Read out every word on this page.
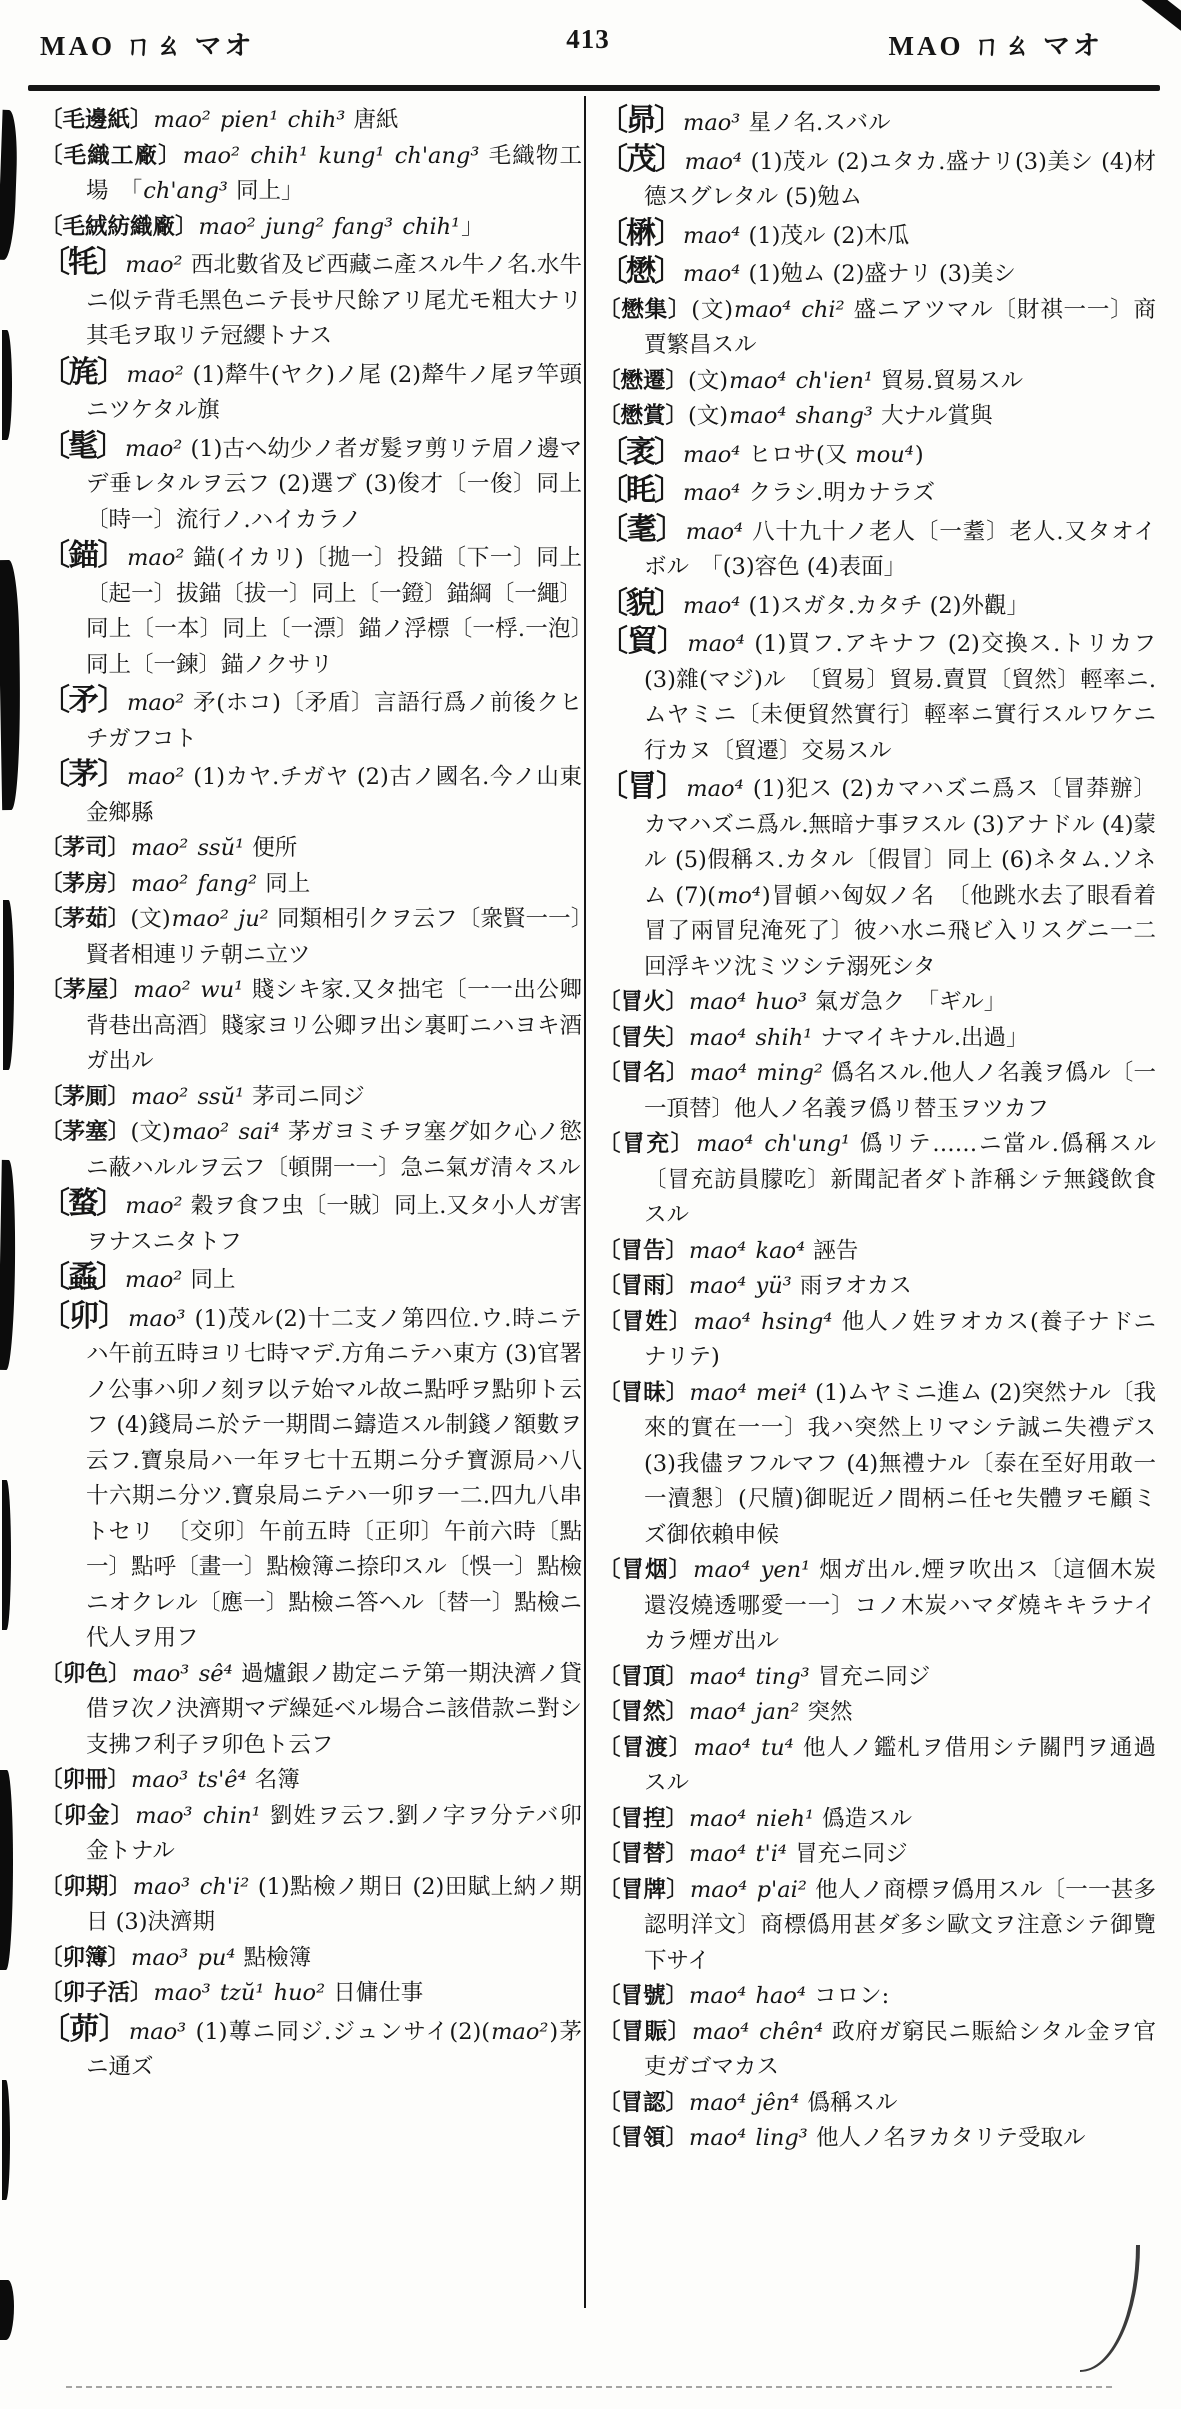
MAO ㄇㄠ マオ	413	MAO ㄇㄠ マオ
〔毛邊紙〕mao² pien¹ chih³ 唐紙
〔毛織工廠〕mao² chih¹ kung¹ ch'ang³ 毛織物工場　「ch'ang³ 同上」
〔毛絨紡織廠〕mao² jung² fang³ chih¹」
〔牦〕mao² 西北數省及ビ西藏ニ產スル牛ノ名.水牛ニ似テ背毛黑色ニテ長サ尺餘アリ尾尤モ粗大ナリ其毛ヲ取リテ冠纓トナス
〔旄〕mao² (1)犛牛(ヤク)ノ尾 (2)犛牛ノ尾ヲ竿頭ニツケタル旗
〔髦〕mao² (1)古ヘ幼少ノ者ガ髮ヲ剪リテ眉ノ邊マデ垂レタルヲ云フ (2)選ブ (3)俊才〔一俊〕同上〔時一〕流行ノ.ハイカラノ
〔錨〕mao² 錨(イカリ)〔拋一〕投錨〔下一〕同上〔起一〕拔錨〔拔一〕同上〔一鐙〕錨綱〔一繩〕同上〔一本〕同上〔一漂〕錨ノ浮標〔一桴.一泡〕同上〔一鍊〕錨ノクサリ
〔矛〕mao² 矛(ホコ)〔矛盾〕言語行爲ノ前後クヒチガフコト
〔茅〕mao² (1)カヤ.チガヤ (2)古ノ國名.今ノ山東金鄉縣
〔茅司〕mao² ssŭ¹ 便所
〔茅房〕mao² fang² 同上
〔茅茹〕(文)mao² ju² 同類相引クヲ云フ〔衆賢一一〕賢者相連リテ朝ニ立ツ
〔茅屋〕mao² wu¹ 賤シキ家.又タ拙宅〔一一出公卿背巷出高酒〕賤家ヨリ公卿ヲ出シ裏町ニハヨキ酒ガ出ル
〔茅厠〕mao² ssŭ¹ 茅司ニ同ジ
〔茅塞〕(文)mao² sai⁴ 茅ガヨミチヲ塞グ如ク心ノ慾ニ蔽ハルルヲ云フ〔頓開一一〕急ニ氣ガ清々スル
〔蝥〕mao² 穀ヲ食フ虫〔一賊〕同上.又タ小人ガ害ヲナスニタトフ
〔蟊〕mao² 同上
〔卯〕mao³ (1)茂ル(2)十二支ノ第四位.ウ.時ニテハ午前五時ヨリ七時マデ.方角ニテハ東方 (3)官署ノ公事ハ卯ノ刻ヲ以テ始マル故ニ點呼ヲ點卯ト云フ (4)錢局ニ於テ一期間ニ鑄造スル制錢ノ額數ヲ云フ.寶泉局ハ一年ヲ七十五期ニ分チ寶源局ハ八十六期ニ分ツ.寶泉局ニテハ一卯ヲ一二.四九八串トセリ　〔交卯〕午前五時〔正卯〕午前六時〔點一〕點呼〔畫一〕點檢簿ニ捺印スル〔悞一〕點檢ニオクレル〔應一〕點檢ニ答ヘル〔替一〕點檢ニ代人ヲ用フ
〔卯色〕mao³ sê⁴ 過爐銀ノ勘定ニテ第一期決濟ノ貸借ヲ次ノ決濟期マデ繰延ベル場合ニ該借款ニ對シ支拂フ利子ヲ卯色ト云フ
〔卯冊〕mao³ ts'ê⁴ 名簿
〔卯金〕mao³ chin¹ 劉姓ヲ云フ.劉ノ字ヲ分テバ卯金トナル
〔卯期〕mao³ ch'i² (1)點檢ノ期日 (2)田賦上納ノ期日 (3)決濟期
〔卯簿〕mao³ pu⁴ 點檢簿
〔卯子活〕mao³ tzŭ¹ huo² 日傭仕事
〔茆〕mao³ (1)蓴ニ同ジ.ジュンサイ(2)(mao²)茅ニ通ズ
〔昴〕mao³ 星ノ名.スバル
〔茂〕mao⁴ (1)茂ル (2)ユタカ.盛ナリ(3)美シ (4)材德スグレタル (5)勉ム
〔楙〕mao⁴ (1)茂ル (2)木瓜
〔懋〕mao⁴ (1)勉ム (2)盛ナリ (3)美シ
〔懋集〕(文)mao⁴ chi² 盛ニアツマル〔財祺一一〕商賈繁昌スル
〔懋遷〕(文)mao⁴ ch'ien¹ 貿易.貿易スル
〔懋賞〕(文)mao⁴ shang³ 大ナル賞與
〔袤〕mao⁴ ヒロサ(又 mou⁴)
〔眊〕mao⁴ クラシ.明カナラズ
〔耄〕mao⁴ 八十九十ノ老人〔一耋〕老人.又タオイボル　「(3)容色 (4)表面」
〔貌〕mao⁴ (1)スガタ.カタチ (2)外觀」
〔貿〕mao⁴ (1)買フ.アキナフ (2)交換ス.トリカフ (3)雜(マジ)ル　〔貿易〕貿易.賣買〔貿然〕輕率ニ.ムヤミニ〔未便貿然實行〕輕率ニ實行スルワケニ行カヌ〔貿遷〕交易スル
〔冒〕mao⁴ (1)犯ス (2)カマハズニ爲ス〔冒莽辦〕カマハズニ爲ル.無暗ナ事ヲスル (3)アナドル (4)蒙ル (5)假稱ス.カタル〔假冒〕同上 (6)ネタム.ソネム (7)(mo⁴)冒頓ハ匈奴ノ名　〔他跳水去了眼看着冒了兩冒兒淹死了〕彼ハ水ニ飛ビ入リスグニ一二回浮キツ沈ミツシテ溺死シタ
〔冒火〕mao⁴ huo³ 氣ガ急ク　「ギル」
〔冒失〕mao⁴ shih¹ ナマイキナル.出過」
〔冒名〕mao⁴ ming² 僞名スル.他人ノ名義ヲ僞ル〔一一頂替〕他人ノ名義ヲ僞リ替玉ヲツカフ
〔冒充〕mao⁴ ch'ung¹ 僞リテ……ニ當ル.僞稱スル〔冒充訪員朦吃〕新聞記者ダト詐稱シテ無錢飲食スル
〔冒告〕mao⁴ kao⁴ 誣告
〔冒雨〕mao⁴ yü³ 雨ヲオカス
〔冒姓〕mao⁴ hsing⁴ 他人ノ姓ヲオカス(養子ナドニナリテ)
〔冒昧〕mao⁴ mei⁴ (1)ムヤミニ進ム (2)突然ナル〔我來的實在一一〕我ハ突然上リマシテ誠ニ失禮デス (3)我儘ヲフルマフ (4)無禮ナル〔泰在至好用敢一一瀆懇〕(尺牘)御昵近ノ間柄ニ任セ失體ヲモ顧ミズ御依賴申候
〔冒烟〕mao⁴ yen¹ 烟ガ出ル.煙ヲ吹出ス〔這個木炭還沒燒透哪愛一一〕コノ木炭ハマダ燒キキラナイカラ煙ガ出ル
〔冒頂〕mao⁴ ting³ 冒充ニ同ジ
〔冒然〕mao⁴ jan² 突然
〔冒渡〕mao⁴ tu⁴ 他人ノ鑑札ヲ借用シテ關門ヲ通過スル
〔冒揑〕mao⁴ nieh¹ 僞造スル
〔冒替〕mao⁴ t'i⁴ 冒充ニ同ジ
〔冒牌〕mao⁴ p'ai² 他人ノ商標ヲ僞用スル〔一一甚多認明洋文〕商標僞用甚ダ多シ歐文ヲ注意シテ御覽下サイ
〔冒號〕mao⁴ hao⁴ コロン:
〔冒賑〕mao⁴ chên⁴ 政府ガ窮民ニ賑給シタル金ヲ官吏ガゴマカス
〔冒認〕mao⁴ jên⁴ 僞稱スル
〔冒領〕mao⁴ ling³ 他人ノ名ヲカタリテ受取ル
